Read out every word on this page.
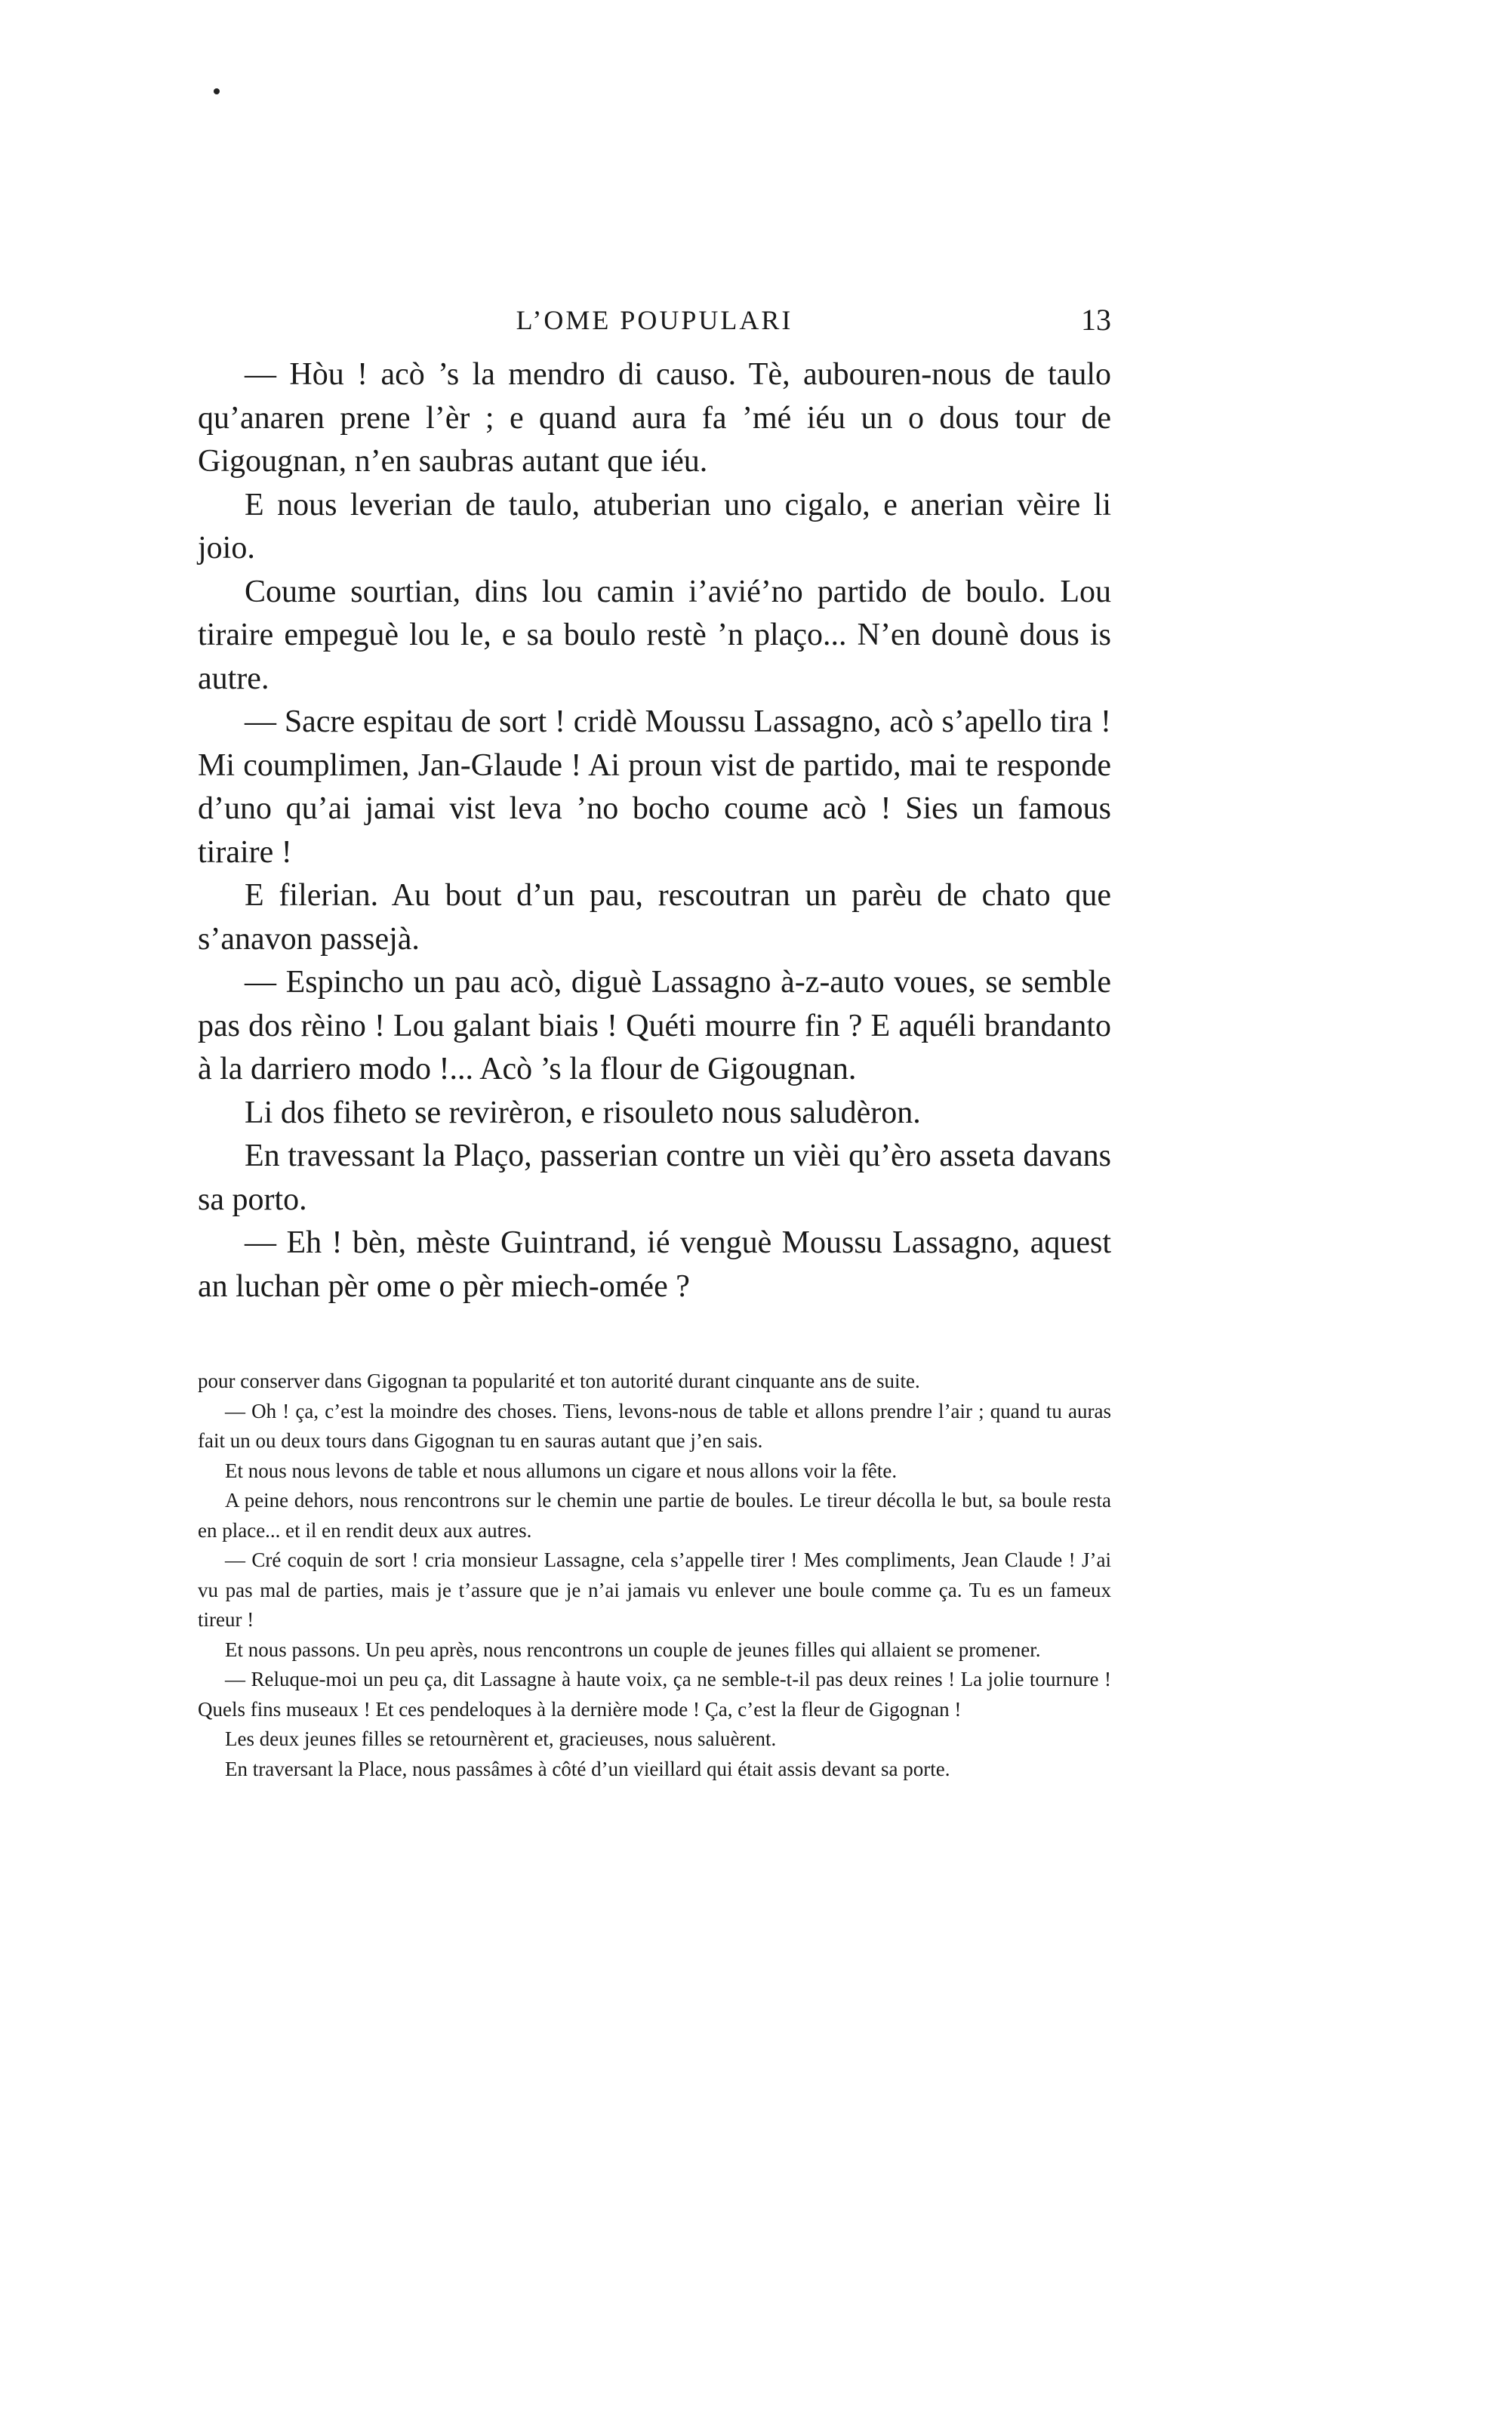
L’OME POUPULARI	13

— Hòu ! acò ’s la mendro di causo. Tè, aubouren-nous de taulo qu’anaren prene l’èr ; e quand aura fa ’mé iéu un o dous tour de Gigougnan, n’en saubras autant que iéu.

E nous leverian de taulo, atuberian uno cigalo, e anerian vèire li joio.

Coume sourtian, dins lou camin i’avié’no partido de boulo. Lou tiraire empeguè lou le, e sa boulo restè ’n plaço... N’en dounè dous is autre.

— Sacre espitau de sort ! cridè Moussu Lassagno, acò s’apello tira ! Mi coumplimen, Jan-Glaude ! Ai proun vist de partido, mai te responde d’uno qu’ai jamai vist leva ’no bocho coume acò ! Sies un famous tiraire !

E filerian. Au bout d’un pau, rescoutran un parèu de chato que s’anavon passejà.

— Espincho un pau acò, diguè Lassagno à-z-auto voues, se semble pas dos rèino ! Lou galant biais ! Quéti mourre fin ? E aquéli brandanto à la darriero modo !... Acò ’s la flour de Gigougnan.

Li dos fiheto se revirèron, e risouleto nous saludèron.

En travessant la Plaço, passerian contre un vièi qu’èro asseta davans sa porto.

— Eh ! bèn, mèste Guintrand, ié venguè Moussu Lassagno, aquest an luchan pèr ome o pèr miech-omée ?

pour conserver dans Gigognan ta popularité et ton autorité durant cinquante ans de suite.

— Oh ! ça, c’est la moindre des choses. Tiens, levons-nous de table et allons prendre l’air ; quand tu auras fait un ou deux tours dans Gigognan tu en sauras autant que j’en sais.

Et nous nous levons de table et nous allumons un cigare et nous allons voir la fête.

A peine dehors, nous rencontrons sur le chemin une partie de boules. Le tireur décolla le but, sa boule resta en place... et il en rendit deux aux autres.

— Cré coquin de sort ! cria monsieur Lassagne, cela s’appelle tirer ! Mes compliments, Jean Claude ! J’ai vu pas mal de parties, mais je t’assure que je n’ai jamais vu enlever une boule comme ça. Tu es un fameux tireur !

Et nous passons. Un peu après, nous rencontrons un couple de jeunes filles qui allaient se promener.

— Reluque-moi un peu ça, dit Lassagne à haute voix, ça ne semble-t-il pas deux reines ! La jolie tournure ! Quels fins museaux ! Et ces pendeloques à la dernière mode ! Ça, c’est la fleur de Gigognan !

Les deux jeunes filles se retournèrent et, gracieuses, nous saluèrent.

En traversant la Place, nous passâmes à côté d’un vieillard qui était assis devant sa porte.
